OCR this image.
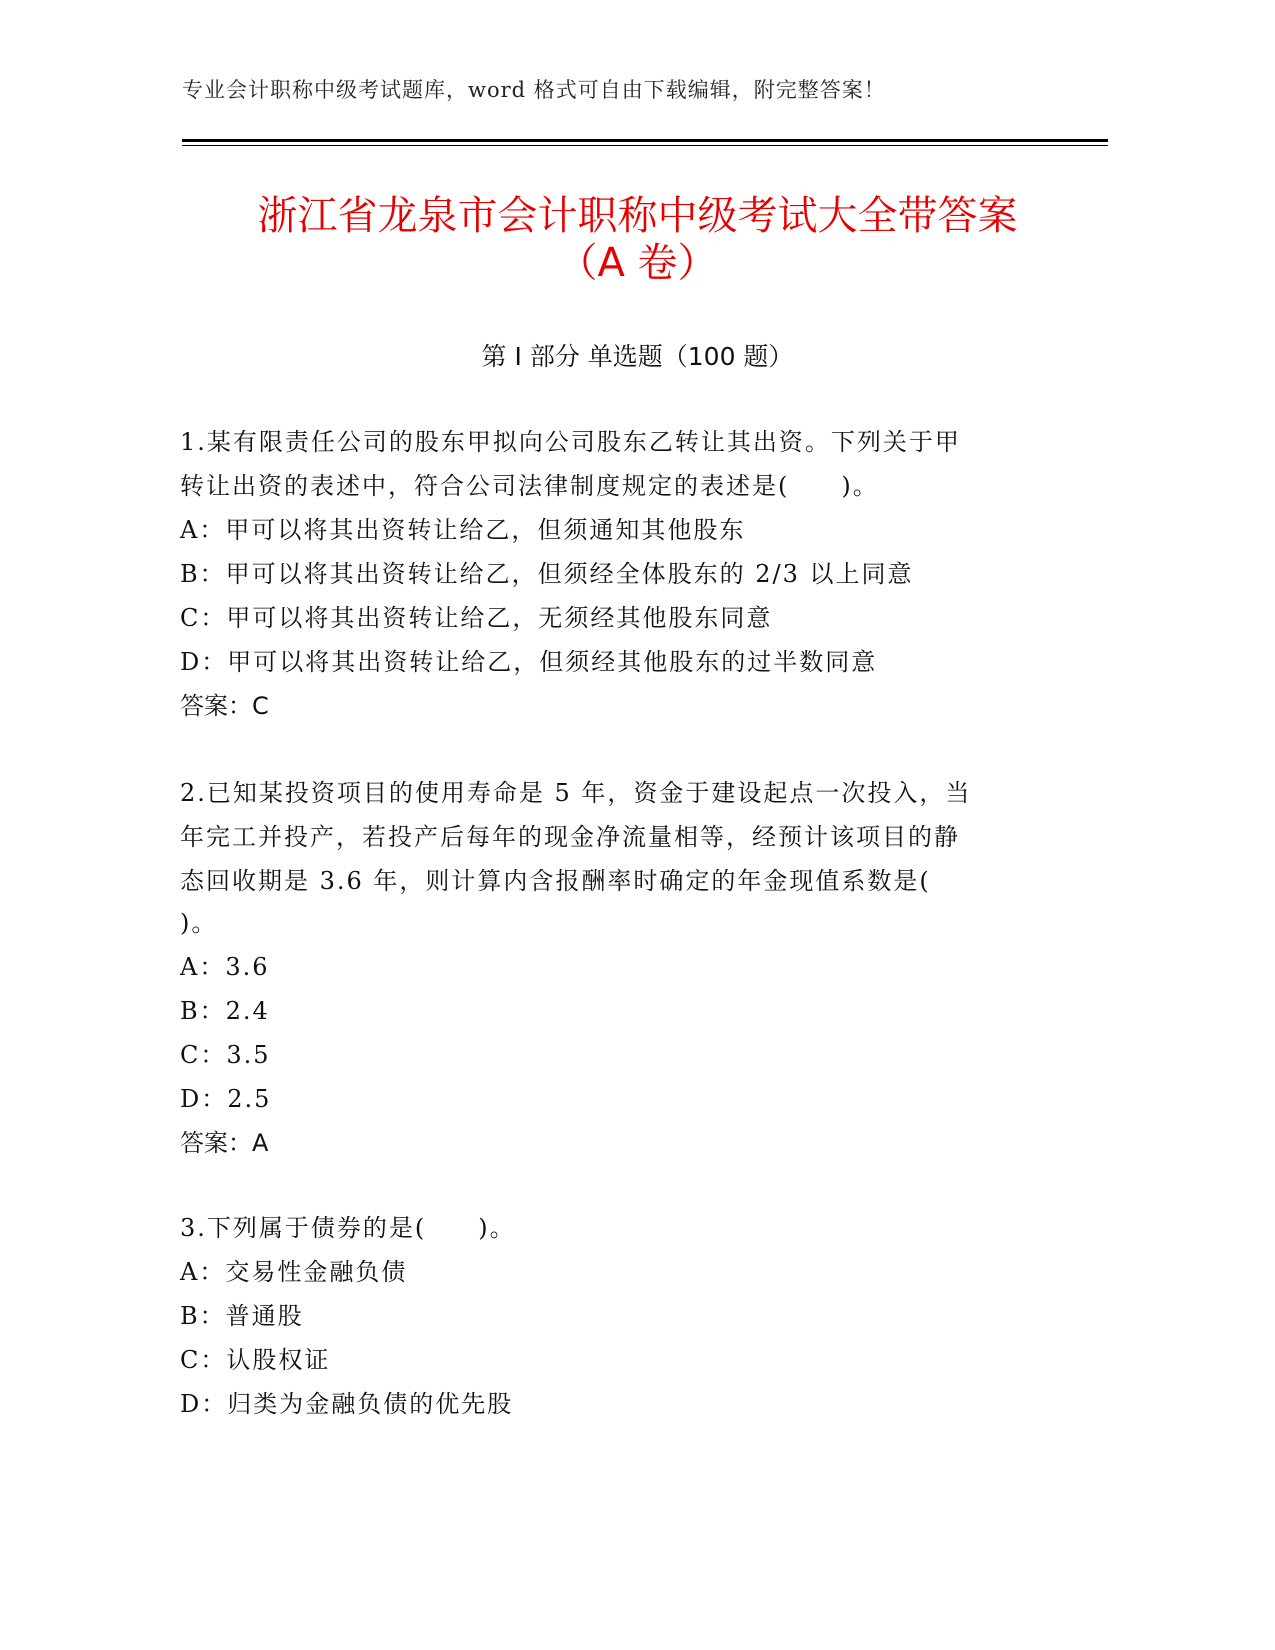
专业会计职称中级考试题库，word 格式可自由下载编辑，附完整答案！
浙江省龙泉市会计职称中级考试大全带答案
（A 卷）
第 I 部分 单选题（100 题）
1.某有限责任公司的股东甲拟向公司股东乙转让其出资。下列关于甲
转让出资的表述中，符合公司法律制度规定的表述是(　　)。
A：甲可以将其出资转让给乙，但须通知其他股东
B：甲可以将其出资转让给乙，但须经全体股东的 2/3 以上同意
C：甲可以将其出资转让给乙，无须经其他股东同意
D：甲可以将其出资转让给乙，但须经其他股东的过半数同意
答案：C
2.已知某投资项目的使用寿命是 5 年，资金于建设起点一次投入，当
年完工并投产，若投产后每年的现金净流量相等，经预计该项目的静
态回收期是 3.6 年，则计算内含报酬率时确定的年金现值系数是(
)。
A：3.6
B：2.4
C：3.5
D：2.5
答案：A
3.下列属于债券的是(　　)。
A：交易性金融负债
B：普通股
C：认股权证
D：归类为金融负债的优先股
